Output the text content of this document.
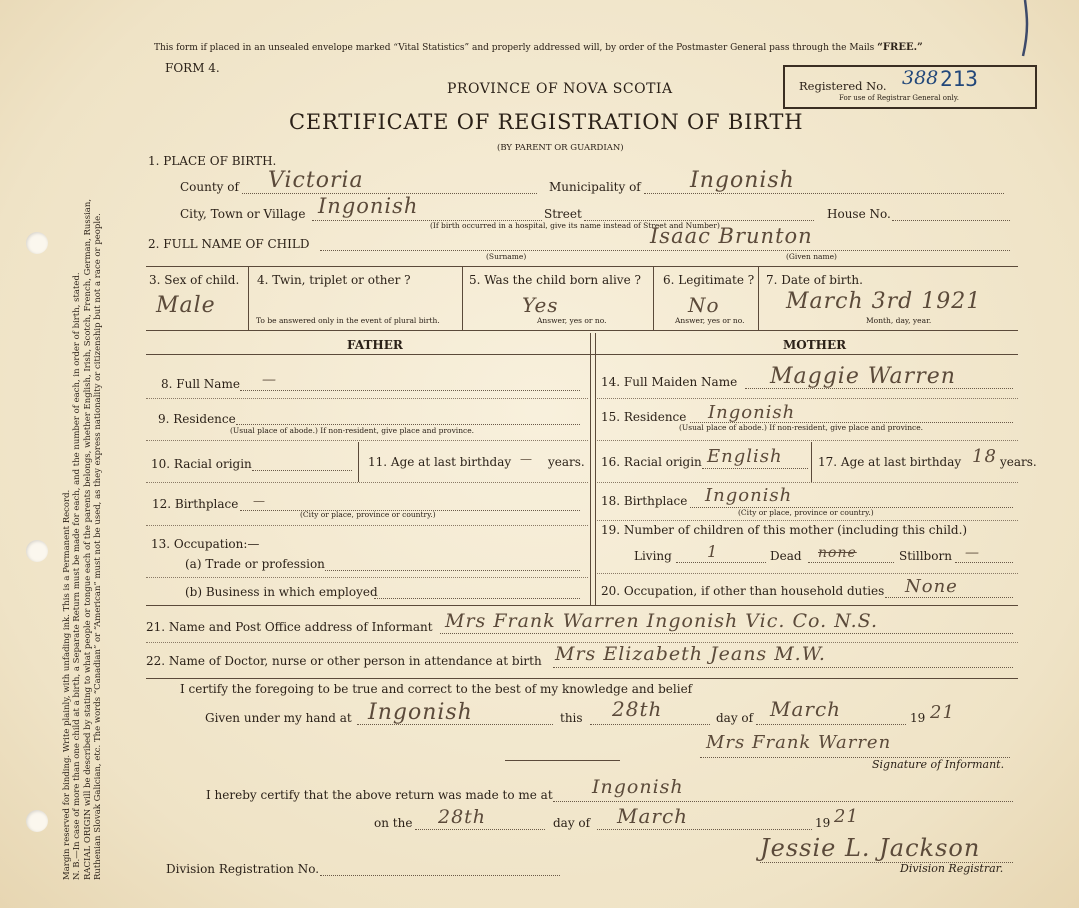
Margin reserved for binding. Write plainly, with unfading ink. This is a Permanent Record. N. B.—In case of more than one child at a birth, a Separate Return must be made for each, and the number of each, in order of birth, stated. RACIAL ORIGIN will be described by stating to what people or tongue each of the parents belongs, whether English, Irish, Scotch, French, German, Russian, Ruthenian Slovak Galician, etc. The words “Canadian” or “American” must not be used, as they express nationality or citizenship but not a race or people.
This form if placed in an unsealed envelope marked “Vital Statistics” and properly addressed will, by order of the Postmaster General pass through the Mails “FREE.”
FORM 4.
PROVINCE OF NOVA SCOTIA
CERTIFICATE OF REGISTRATION OF BIRTH
(BY PARENT OR GUARDIAN)
Registered No. 388 213
For use of Registrar General only.
1. PLACE OF BIRTH.
County of Victoria	Municipality of Ingonish
City, Town or Village Ingonish	Street	House No.
(If birth occurred in a hospital, give its name instead of Street and Number)
2. FULL NAME OF CHILD	Isaac Brunton
(Surname)	(Given name)
3. Sex of child.
Male
4. Twin, triplet or other ?
To be answered only in the event of plural birth.
5. Was the child born alive ?
Yes
Answer, yes or no.
6. Legitimate ?
No
Answer, yes or no.
7. Date of birth.
March 3rd 1921
Month, day, year.
FATHER	MOTHER
8. Full Name —
9. Residence
(Usual place of abode.) If non-resident, give place and province.
10. Racial origin	11. Age at last birthday — years.
12. Birthplace —
(City or place, province or country.)
13. Occupation:—
(a) Trade or profession
(b) Business in which employed
14. Full Maiden Name Maggie Warren
15. Residence Ingonish
(Usual place of abode.) If non-resident, give place and province.
16. Racial origin English	17. Age at last birthday 18 years.
18. Birthplace Ingonish
(City or place, province or country.)
19. Number of children of this mother (including this child.)
Living 1	Dead none	Stillborn —
20. Occupation, if other than household duties None
21. Name and Post Office address of Informant Mrs Frank Warren Ingonish Vic. Co. N.S.
22. Name of Doctor, nurse or other person in attendance at birth Mrs Elizabeth Jeans M.W.
I certify the foregoing to be true and correct to the best of my knowledge and belief
Given under my hand at Ingonish	this 28th	day of March	19 21
Mrs Frank Warren
Signature of Informant.
I hereby certify that the above return was made to me at Ingonish
on the 28th	day of March	19 21
Division Registration No.
Jessie L. Jackson
Division Registrar.
